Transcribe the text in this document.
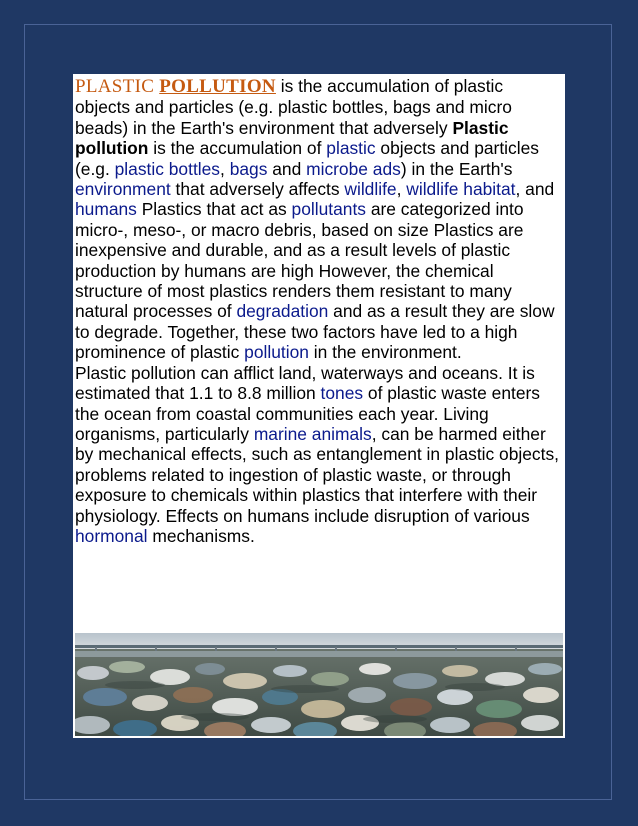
PLASTIC POLLUTION is the accumulation of plastic objects and particles (e.g. plastic bottles, bags and micro beads) in the Earth's environment that adversely Plastic pollution is the accumulation of plastic objects and particles (e.g. plastic bottles, bags and microbe ads) in the Earth's environment that adversely affects wildlife, wildlife habitat, and humans Plastics that act as pollutants are categorized into micro-, meso-, or macro debris, based on size Plastics are inexpensive and durable, and as a result levels of plastic production by humans are high However, the chemical structure of most plastics renders them resistant to many natural processes of degradation and as a result they are slow to degrade. Together, these two factors have led to a high prominence of plastic pollution in the environment.

Plastic pollution can afflict land, waterways and oceans. It is estimated that 1.1 to 8.8 million tones of plastic waste enters the ocean from coastal communities each year. Living organisms, particularly marine animals, can be harmed either by mechanical effects, such as entanglement in plastic objects, problems related to ingestion of plastic waste, or through exposure to chemicals within plastics that interfere with their physiology. Effects on humans include disruption of various hormonal mechanisms.
